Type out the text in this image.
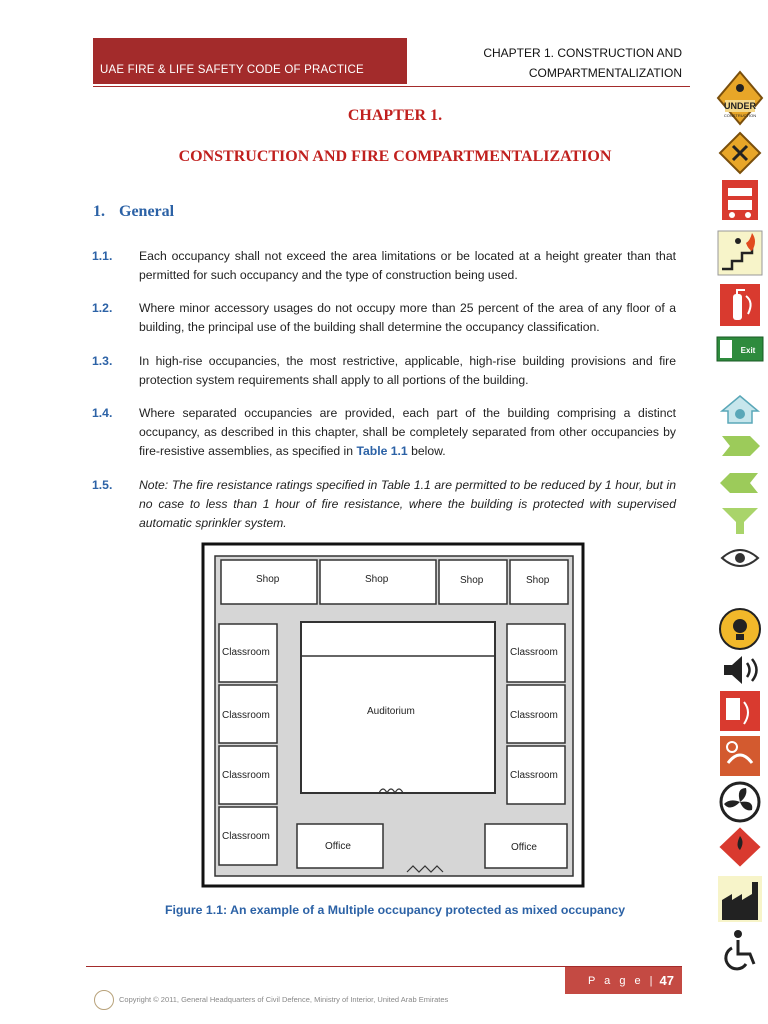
UAE FIRE & LIFE SAFETY CODE OF PRACTICE
CHAPTER 1. CONSTRUCTION AND
COMPARTMENTALIZATION
CHAPTER 1.
CONSTRUCTION AND FIRE COMPARTMENTALIZATION
1. General
1.1. Each occupancy shall not exceed the area limitations or be located at a height greater than that permitted for such occupancy and the type of construction being used.
1.2. Where minor accessory usages do not occupy more than 25 percent of the area of any floor of a building, the principal use of the building shall determine the occupancy classification.
1.3. In high-rise occupancies, the most restrictive, applicable, high-rise building provisions and fire protection system requirements shall apply to all portions of the building.
1.4. Where separated occupancies are provided, each part of the building comprising a distinct occupancy, as described in this chapter, shall be completely separated from other occupancies by fire-resistive assemblies, as specified in Table 1.1 below.
1.5. Note: The fire resistance ratings specified in Table 1.1 are permitted to be reduced by 1 hour, but in no case to less than 1 hour of fire resistance, where the building is protected with supervised automatic sprinkler system.
Shop	Shop	Shop	Shop
Classroom
Classroom
Classroom
Classroom
Classroom
Classroom
Classroom
Auditorium
Office	Office
Figure 1.1: An example of a Multiple occupancy protected as mixed occupancy
P a g e | 47
Copyright © 2011, General Headquarters of Civil Defence, Ministry of Interior, United Arab Emirates
UNDER
CONSTRUCTION
Exit
